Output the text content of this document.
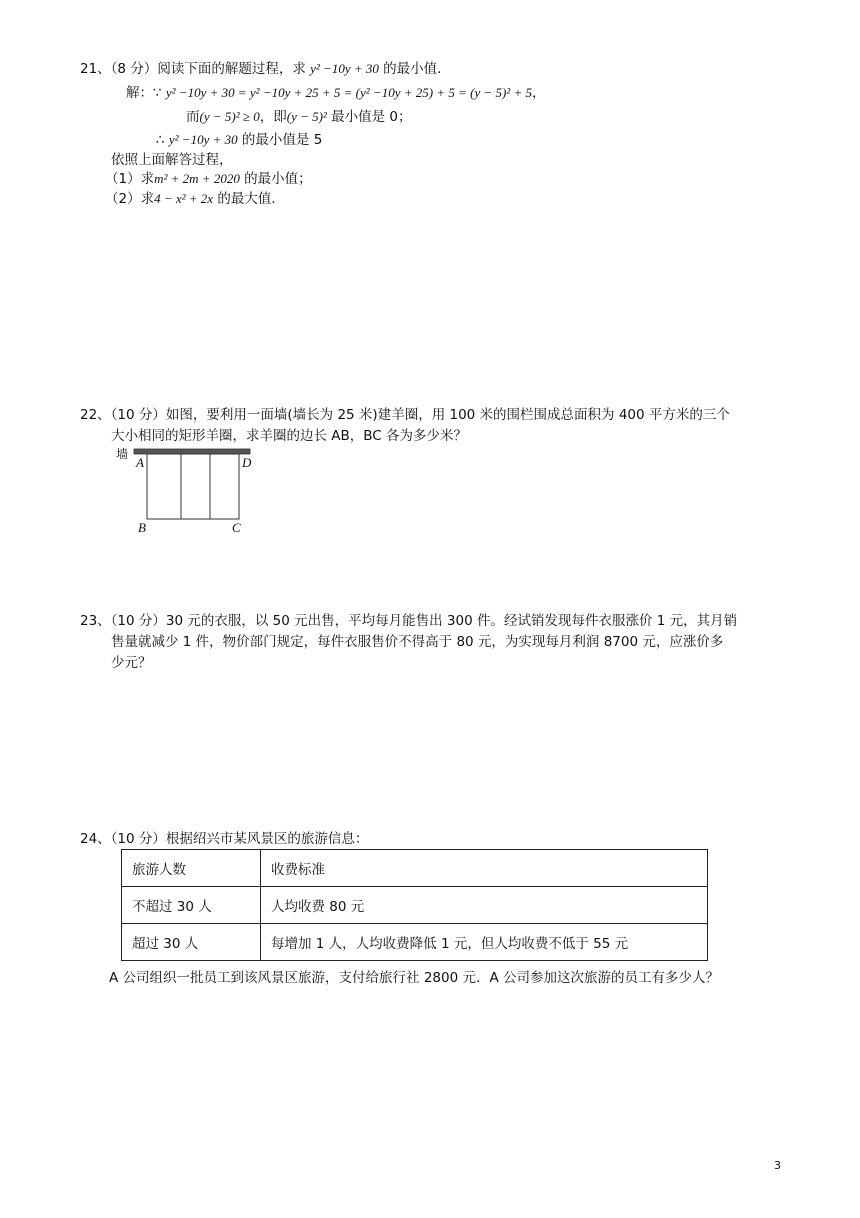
21、（8 分）阅读下面的解题过程，求 y² −10y + 30 的最小值．
解：∵ y² −10y + 30 = y² −10y + 25 + 5 = (y² −10y + 25) + 5 = (y − 5)² + 5，
而(y − 5)² ≥ 0，即(y − 5)² 最小值是 0；
∴ y² −10y + 30 的最小值是 5
依照上面解答过程，
（1）求m² + 2m + 2020 的最小值；
（2）求4 − x² + 2x 的最大值．
22、（10 分）如图，要利用一面墙(墙长为 25 米)建羊圈，用 100 米的围栏围成总面积为 400 平方米的三个
大小相同的矩形羊圈，求羊圈的边长 AB，BC 各为多少米？
墙
A	D
B	C
23、（10 分）30 元的衣服，以 50 元出售，平均每月能售出 300 件。经试销发现每件衣服涨价 1 元，其月销
售量就减少 1 件，物价部门规定，每件衣服售价不得高于 80 元，为实现每月利润 8700 元，应涨价多
少元？
24、（10 分）根据绍兴市某风景区的旅游信息：
旅游人数	收费标准
不超过 30 人	人均收费 80 元
超过 30 人	每增加 1 人，人均收费降低 1 元，但人均收费不低于 55 元
A 公司组织一批员工到该风景区旅游，支付给旅行社 2800 元．A 公司参加这次旅游的员工有多少人？
3
